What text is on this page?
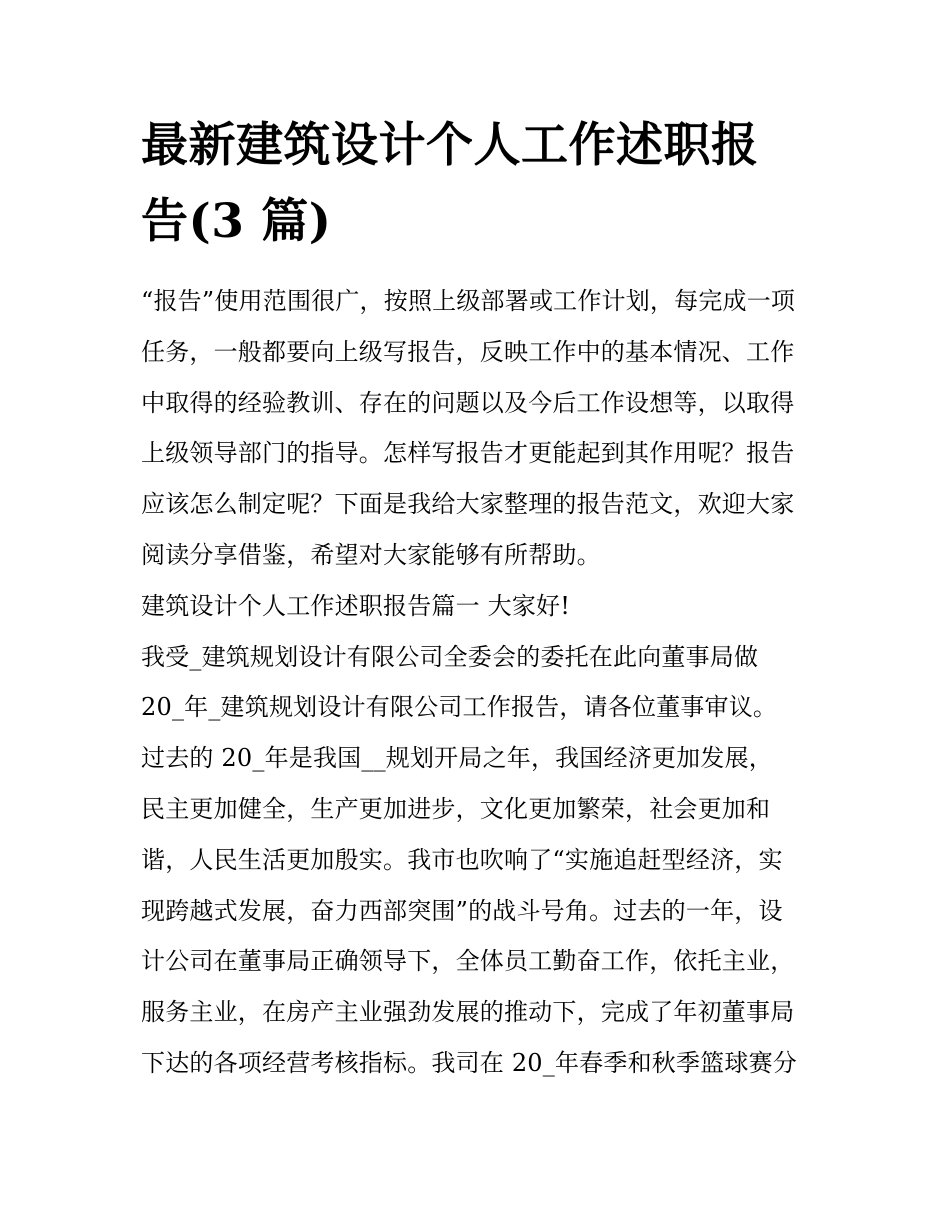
最新建筑设计个人工作述职报
告(3 篇)
“报告”使用范围很广，按照上级部署或工作计划，每完成一项
任务，一般都要向上级写报告，反映工作中的基本情况、工作
中取得的经验教训、存在的问题以及今后工作设想等，以取得
上级领导部门的指导。怎样写报告才更能起到其作用呢？报告
应该怎么制定呢？下面是我给大家整理的报告范文，欢迎大家
阅读分享借鉴，希望对大家能够有所帮助。
建筑设计个人工作述职报告篇一 大家好!
我受_建筑规划设计有限公司全委会的委托在此向董事局做
20_年_建筑规划设计有限公司工作报告，请各位董事审议。
过去的 20_年是我国__规划开局之年，我国经济更加发展，
民主更加健全，生产更加进步，文化更加繁荣，社会更加和
谐，人民生活更加殷实。我市也吹响了“实施追赶型经济，实
现跨越式发展，奋力西部突围”的战斗号角。过去的一年，设
计公司在董事局正确领导下，全体员工勤奋工作，依托主业，
服务主业，在房产主业强劲发展的推动下，完成了年初董事局
下达的各项经营考核指标。我司在 20_年春季和秋季篮球赛分
